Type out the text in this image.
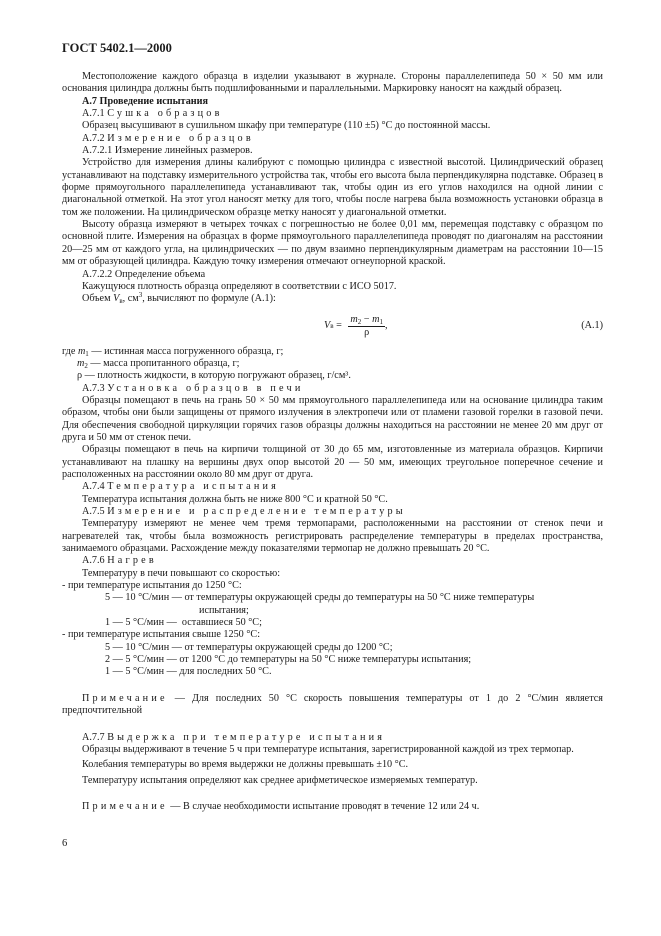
ГОСТ 5402.1—2000

Местоположение каждого образца в изделии указывают в журнале. Стороны параллелепипеда 50 × 50 мм или основания цилиндра должны быть подшлифованными и параллельными. Маркировку наносят на каждый образец.

А.7 Проведение испытания

А.7.1 Сушка образцов

Образец высушивают в сушильном шкафу при температуре (110 ±5) °С до постоянной массы.

А.7.2 Измерение образцов

А.7.2.1 Измерение линейных размеров.

Устройство для измерения длины калибруют с помощью цилиндра с известной высотой. Цилиндрический образец устанавливают на подставку измерительного устройства так, чтобы его высота была перпендикулярна подставке. Образец в форме прямоугольного параллелепипеда устанавливают так, чтобы один из его углов находился на одной линии с диагональной отметкой. На этот угол наносят метку для того, чтобы после нагрева была возможность установки образца в том же положении. На цилиндрическом образце метку наносят у диагональной отметки.

Высоту образца измеряют в четырех точках с погрешностью не более 0,01 мм, перемещая подставку с образцом по основной плите. Измерения на образцах в форме прямоугольного параллелепипеда проводят по диагоналям на расстоянии 20—25 мм от каждого угла, на цилиндрических — по двум взаимно перпендикулярным диаметрам на расстоянии 10—15 мм от образующей цилиндра. Каждую точку измерения отмечают огнеупорной краской.

А.7.2.2 Определение объема

Кажущуюся плотность образца определяют в соответствии с ИСО 5017.

Объем $V_в$, $см^3$, вычисляют по формуле (А.1):

V $в = \frac{m_2 - m_1}{\rho}$ ,	(А.1)

где $m_1$ — истинная масса погруженного образца, г;

$m_2$ — масса пропитанного образца, г;

ρ — плотность жидкости, в которую погружают образец, г/см³.

А.7.3 Установка образцов в печи

Образцы помещают в печь на грань 50 × 50 мм прямоугольного параллелепипеда или на основание цилиндра таким образом, чтобы они были защищены от прямого излучения в электропечи или от пламени газовой горелки в газовой печи. Для обеспечения свободной циркуляции горячих газов образцы должны находиться на расстоянии не менее 20 мм друг от друга и 50 мм от стенок печи.

Образцы помещают в печь на кирпичи толщиной от 30 до 65 мм, изготовленные из материала образцов. Кирпичи устанавливают на плашку на вершины двух опор высотой 20 — 50 мм, имеющих треугольное поперечное сечение и расположенных на расстоянии около 80 мм друг от друга.

А.7.4 Температура испытания

Температура испытания должна быть не ниже 800 °С и кратной 50 °С.

А.7.5 Измерение и распределение температуры

Температуру измеряют не менее чем тремя термопарами, расположенными на расстоянии от стенок печи и нагревателей так, чтобы была возможность регистрировать распределение температуры в пределах пространства, занимаемого образцами. Расхождение между показателями термопар не должно превышать 20 °С.

А.7.6 Нагрев

Температуру в печи повышают со скоростью:

- при температуре испытания до 1250 °С:

5 — 10 °С/мин — от температуры окружающей среды до температуры на 50 °С ниже температуры

испытания;

1 — 5 °С/мин —  оставшиеся 50 °С;

- при температуре испытания свыше 1250 °С:

5 — 10 °С/мин — от температуры окружающей среды до 1200 °С;

2 — 5 °С/мин — от 1200 °С до температуры на 50 °С ниже температуры испытания;

1 — 5 °С/мин — для последних 50 °С.

Примечание — Для последних 50 °С скорость повышения температуры от 1 до 2 °С/мин является предпочтительной

А.7.7 Выдержка при температуре испытания

Образцы выдерживают в течение 5 ч при температуре испытания, зарегистрированной каждой из трех термопар.

Колебания температуры во время выдержки не должны превышать ±10 °С.

Температуру испытания определяют как среднее арифметическое измеряемых температур.

Примечание — В случае необходимости испытание проводят в течение 12 или 24 ч.

6
